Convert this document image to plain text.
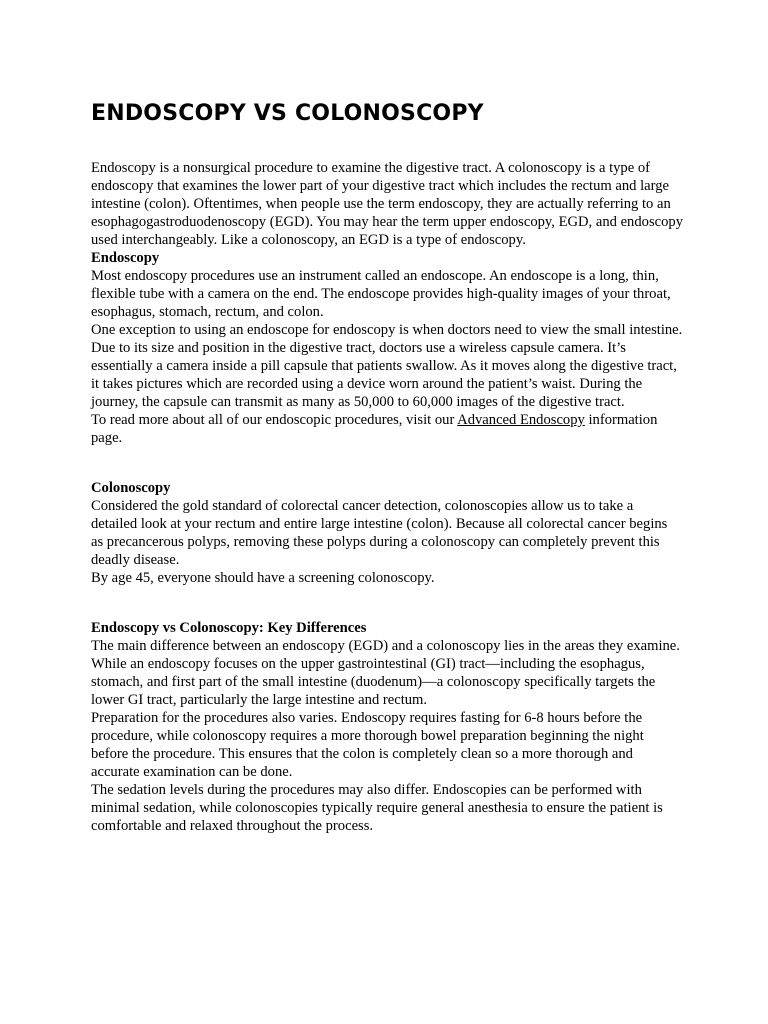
ENDOSCOPY VS COLONOSCOPY

Endoscopy is a nonsurgical procedure to examine the digestive tract. A colonoscopy is a type of endoscopy that examines the lower part of your digestive tract which includes the rectum and large intestine (colon). Oftentimes, when people use the term endoscopy, they are actually referring to an esophagogastroduodenoscopy (EGD). You may hear the term upper endoscopy, EGD, and endoscopy used interchangeably. Like a colonoscopy, an EGD is a type of endoscopy.

Endoscopy

Most endoscopy procedures use an instrument called an endoscope. An endoscope is a long, thin, flexible tube with a camera on the end. The endoscope provides high-quality images of your throat, esophagus, stomach, rectum, and colon.

One exception to using an endoscope for endoscopy is when doctors need to view the small intestine. Due to its size and position in the digestive tract, doctors use a wireless capsule camera. It’s essentially a camera inside a pill capsule that patients swallow. As it moves along the digestive tract, it takes pictures which are recorded using a device worn around the patient’s waist. During the journey, the capsule can transmit as many as 50,000 to 60,000 images of the digestive tract.

To read more about all of our endoscopic procedures, visit our Advanced Endoscopy information page.

Colonoscopy

Considered the gold standard of colorectal cancer detection, colonoscopies allow us to take a detailed look at your rectum and entire large intestine (colon). Because all colorectal cancer begins as precancerous polyps, removing these polyps during a colonoscopy can completely prevent this deadly disease.

By age 45, everyone should have a screening colonoscopy.

Endoscopy vs Colonoscopy: Key Differences

The main difference between an endoscopy (EGD) and a colonoscopy lies in the areas they examine. While an endoscopy focuses on the upper gastrointestinal (GI) tract—including the esophagus, stomach, and first part of the small intestine (duodenum)—a colonoscopy specifically targets the lower GI tract, particularly the large intestine and rectum.

Preparation for the procedures also varies. Endoscopy requires fasting for 6-8 hours before the procedure, while colonoscopy requires a more thorough bowel preparation beginning the night before the procedure. This ensures that the colon is completely clean so a more thorough and accurate examination can be done.

The sedation levels during the procedures may also differ. Endoscopies can be performed with minimal sedation, while colonoscopies typically require general anesthesia to ensure the patient is comfortable and relaxed throughout the process.
